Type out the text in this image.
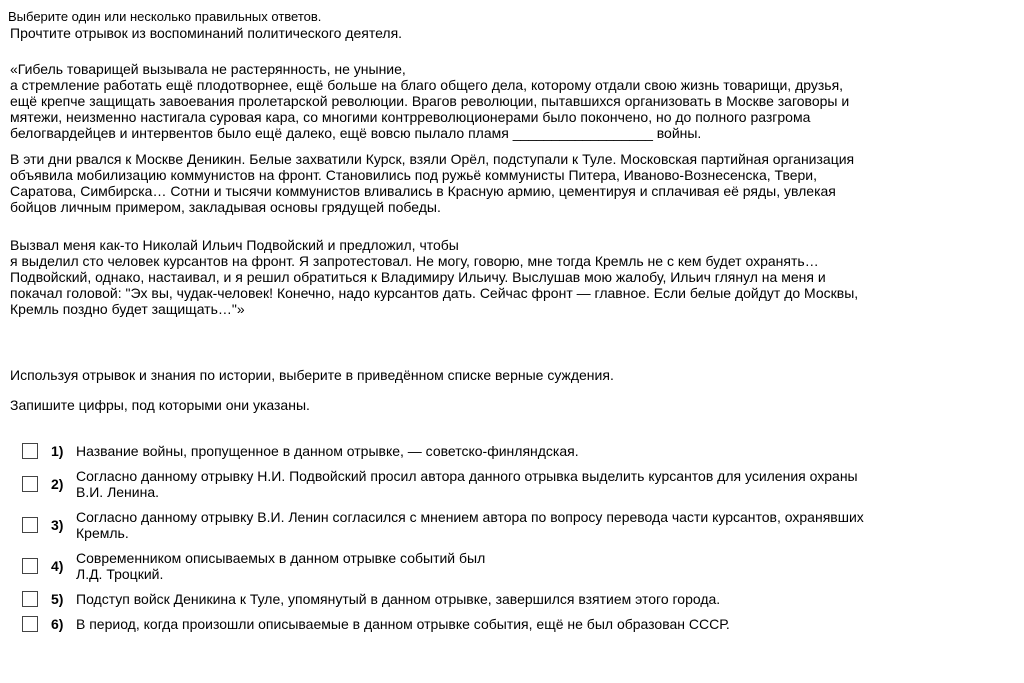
Выберите один или несколько правильных ответов.
Прочтите отрывок из воспоминаний политического деятеля.
«Гибель товарищей вызывала не растерянность, не уныние,
а стремление работать ещё плодотворнее, ещё больше на благо общего дела, которому отдали свою жизнь товарищи, друзья,
ещё крепче защищать завоевания пролетарской революции. Врагов революции, пытавшихся организовать в Москве заговоры и
мятежи, неизменно настигала суровая кара, со многими контрреволюционерами было покончено, но до полного разгрома
белогвардейцев и интервентов было ещё далеко, ещё вовсю пылало пламя __________________ войны.
В эти дни рвался к Москве Деникин. Белые захватили Курск, взяли Орёл, подступали к Туле. Московская партийная организация
объявила мобилизацию коммунистов на фронт. Становились под ружьё коммунисты Питера, Иваново-Вознесенска, Твери,
Саратова, Симбирска… Сотни и тысячи коммунистов вливались в Красную армию, цементируя и сплачивая её ряды, увлекая
бойцов личным примером, закладывая основы грядущей победы.
Вызвал меня как-то Николай Ильич Подвойский и предложил, чтобы
я выделил сто человек курсантов на фронт. Я запротестовал. Не могу, говорю, мне тогда Кремль не с кем будет охранять…
Подвойский, однако, настаивал, и я решил обратиться к Владимиру Ильичу. Выслушав мою жалобу, Ильич глянул на меня и
покачал головой: "Эх вы, чудак-человек! Конечно, надо курсантов дать. Сейчас фронт — главное. Если белые дойдут до Москвы,
Кремль поздно будет защищать…"»
Используя отрывок и знания по истории, выберите в приведённом списке верные суждения.
Запишите цифры, под которыми они указаны.
1) Название войны, пропущенное в данном отрывке, — советско-финляндская.
2) Согласно данному отрывку Н.И. Подвойский просил автора данного отрывка выделить курсантов для усиления охраны
В.И. Ленина.
3) Согласно данному отрывку В.И. Ленин согласился с мнением автора по вопросу перевода части курсантов, охранявших
Кремль.
4) Современником описываемых в данном отрывке событий был
Л.Д. Троцкий.
5) Подступ войск Деникина к Туле, упомянутый в данном отрывке, завершился взятием этого города.
6) В период, когда произошли описываемые в данном отрывке события, ещё не был образован СССР.
